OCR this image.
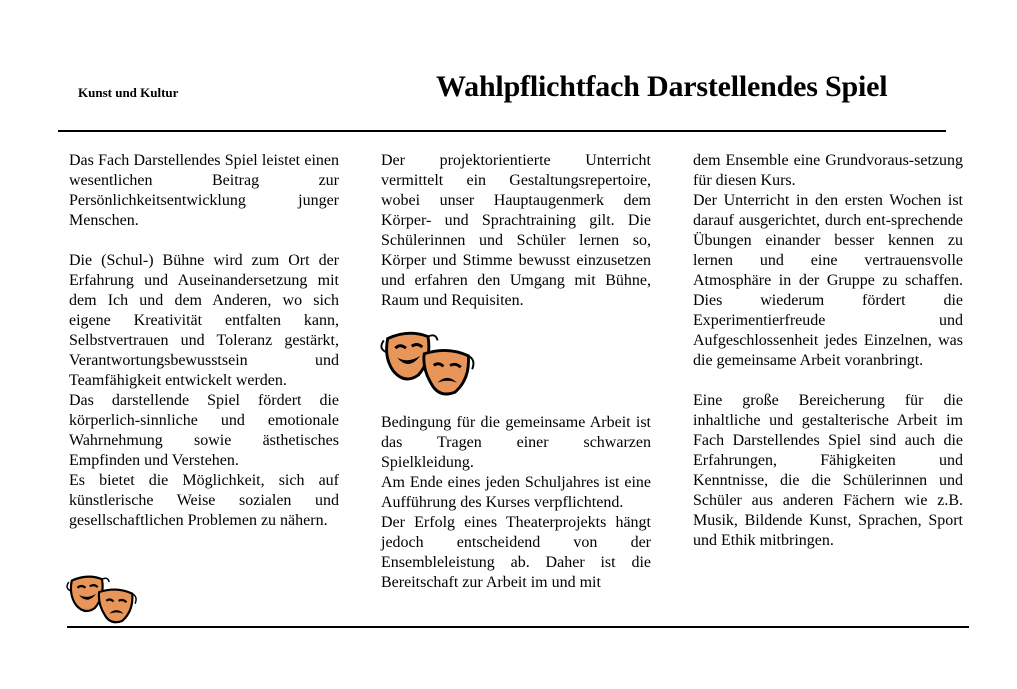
Kunst und Kultur	Wahlpflichtfach Darstellendes Spiel

Das Fach Darstellendes Spiel leistet einen wesentlichen Beitrag zur Persönlichkeitsentwicklung junger Menschen.

Die (Schul-) Bühne wird zum Ort der Erfahrung und Auseinandersetzung mit dem Ich und dem Anderen, wo sich eigene Kreativität entfalten kann, Selbstvertrauen und Toleranz gestärkt, Verantwortungsbewusstsein und Teamfähigkeit entwickelt werden.

Das darstellende Spiel fördert die körperlich-sinnliche und emotionale Wahrnehmung sowie ästhetisches Empfinden und Verstehen.

Es bietet die Möglichkeit, sich auf künstlerische Weise sozialen und gesellschaftlichen Problemen zu nähern.

Der projektorientierte Unterricht vermittelt ein Gestaltungsrepertoire, wobei unser Hauptaugenmerk dem Körper- und Sprachtraining gilt. Die Schülerinnen und Schüler lernen so, Körper und Stimme bewusst einzusetzen und erfahren den Umgang mit Bühne, Raum und Requisiten.

Bedingung für die gemeinsame Arbeit ist das Tragen einer schwarzen Spielkleidung.

Am Ende eines jeden Schuljahres ist eine Aufführung des Kurses verpflichtend.

Der Erfolg eines Theaterprojekts hängt jedoch entscheidend von der Ensembleleistung ab. Daher ist die Bereitschaft zur Arbeit im und mit

dem Ensemble eine Grundvoraus-setzung für diesen Kurs.

Der Unterricht in den ersten Wochen ist darauf ausgerichtet, durch ent-sprechende Übungen einander besser kennen zu lernen und eine vertrauensvolle Atmosphäre in der Gruppe zu schaffen. Dies wiederum fördert die Experimentierfreude und Aufgeschlossenheit jedes Einzelnen, was die gemeinsame Arbeit voranbringt.

Eine große Bereicherung für die inhaltliche und gestalterische Arbeit im Fach Darstellendes Spiel sind auch die Erfahrungen, Fähigkeiten und Kenntnisse, die die Schülerinnen und Schüler aus anderen Fächern wie z.B. Musik, Bildende Kunst, Sprachen, Sport und Ethik mitbringen.
